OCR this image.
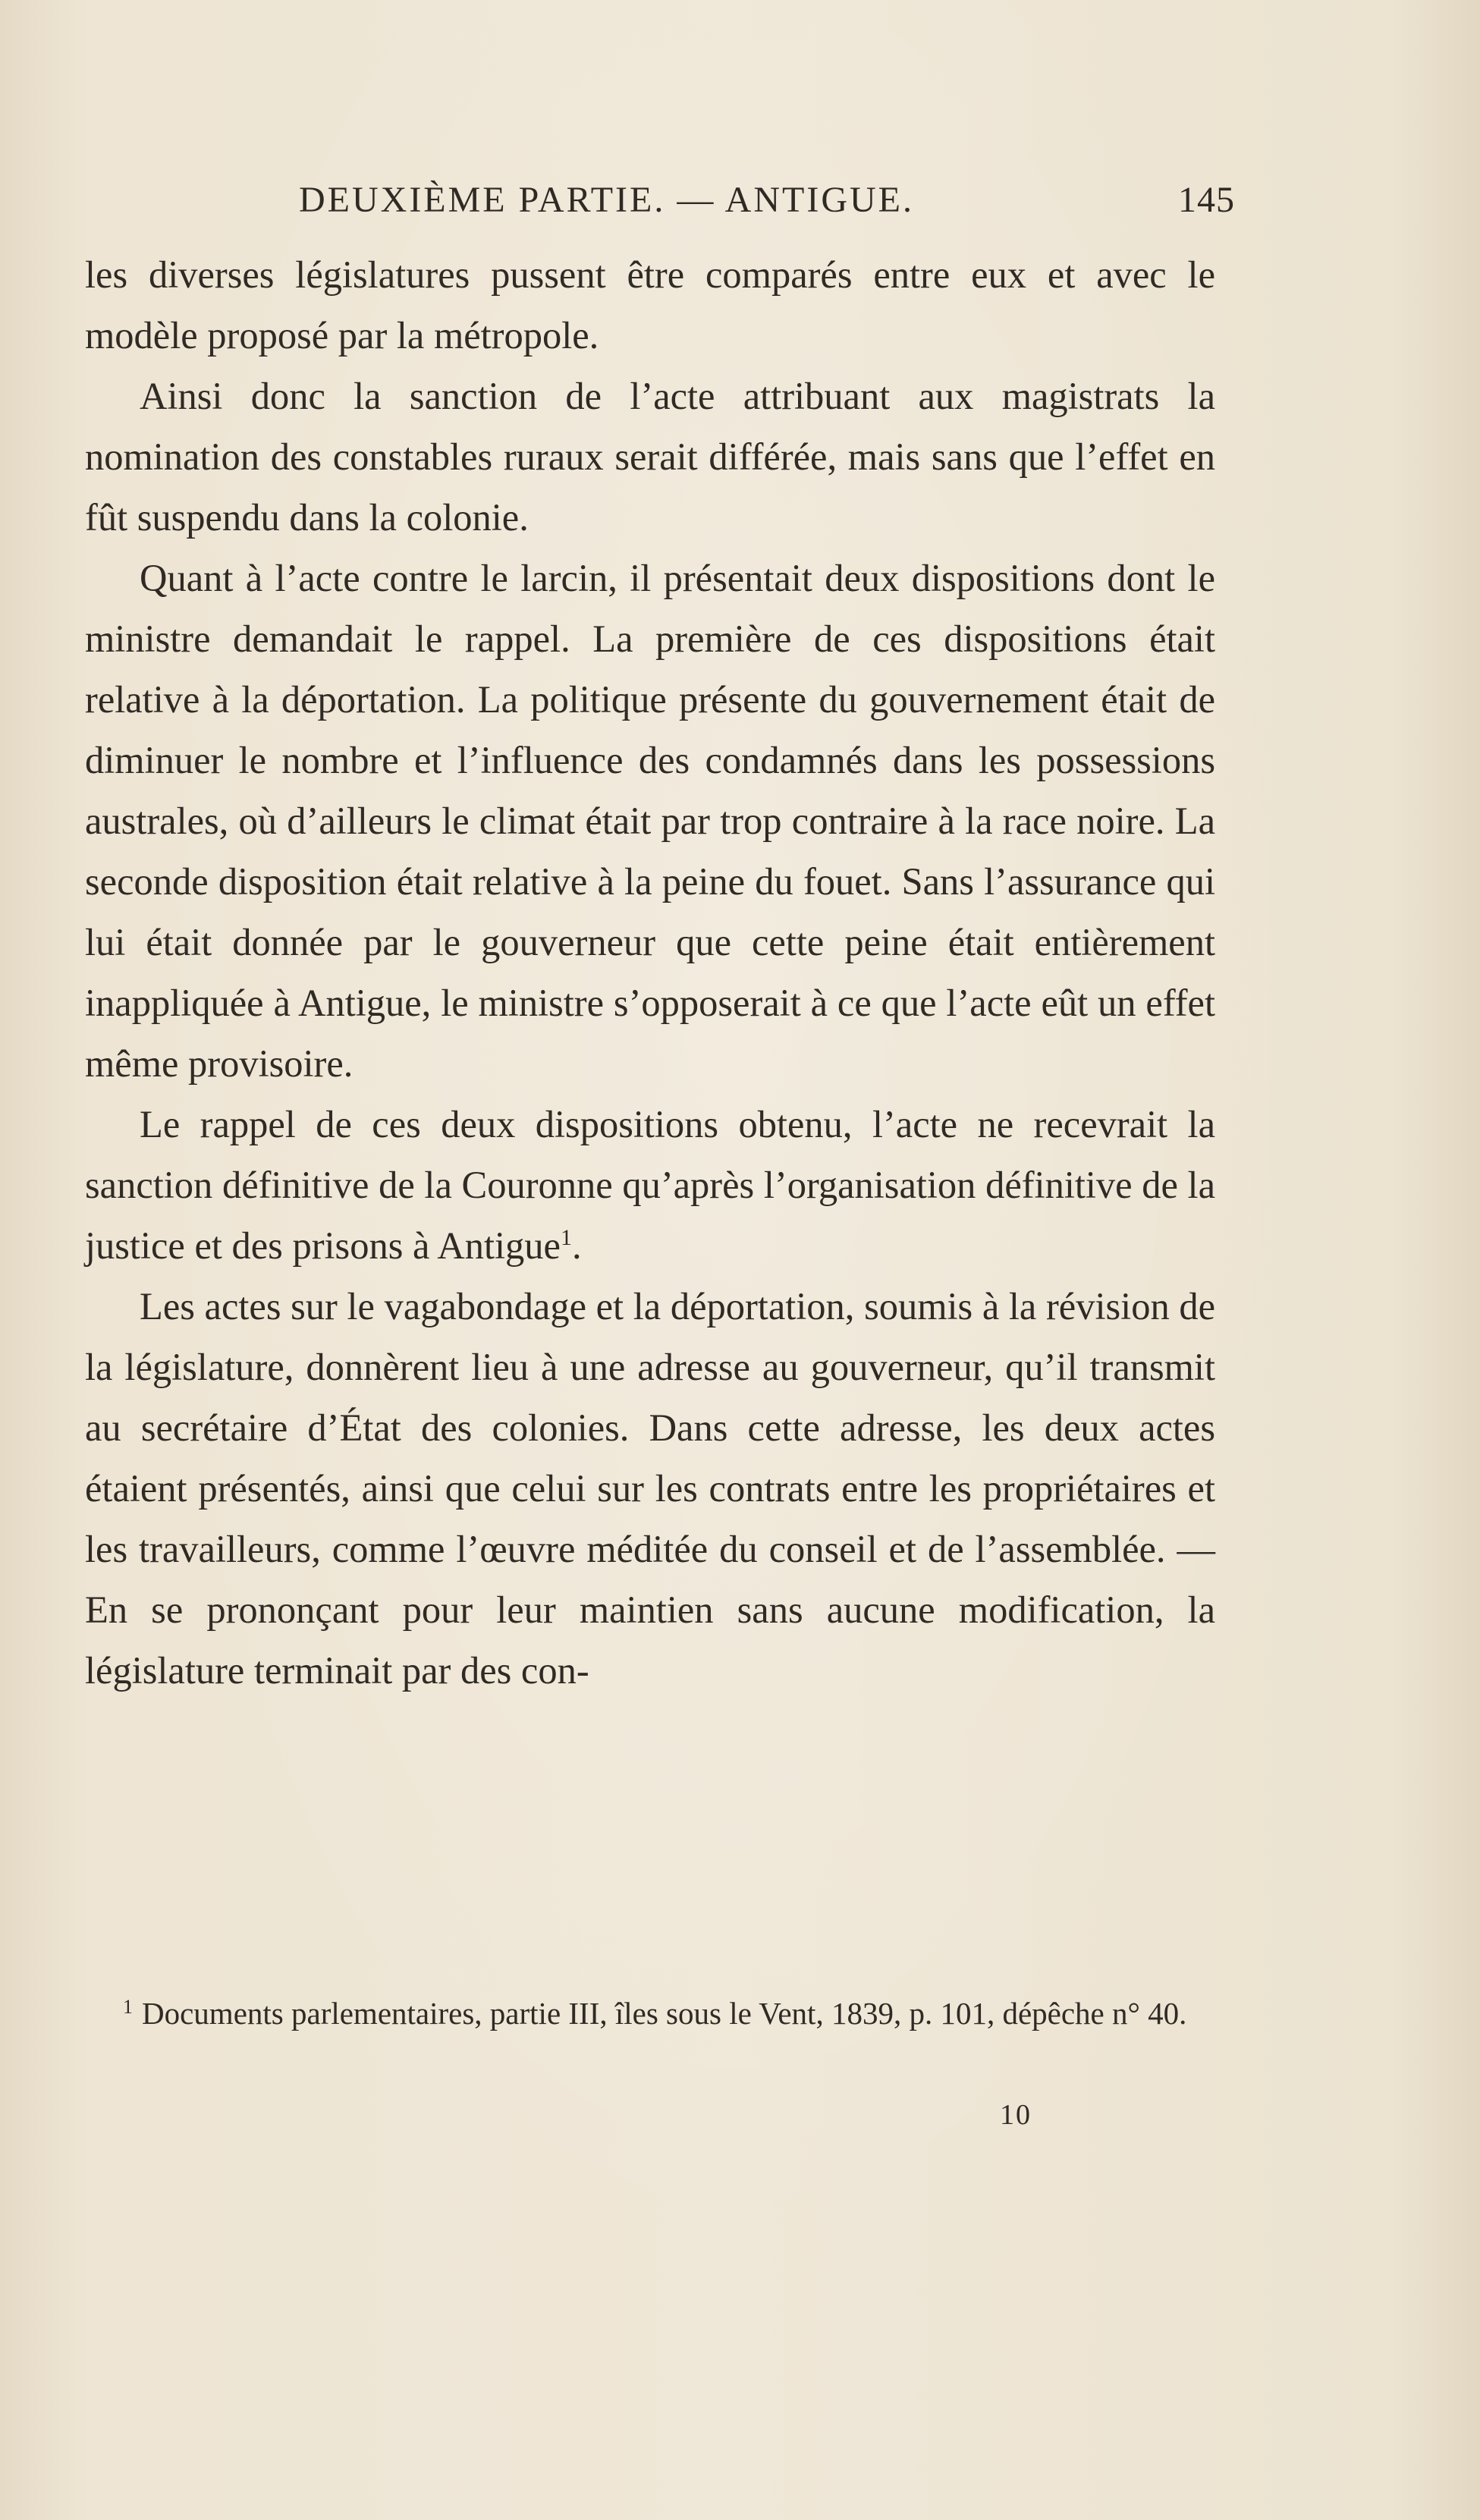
DEUXIÈME PARTIE. — ANTIGUE.	145

les diverses législatures pussent être comparés entre eux et avec le modèle proposé par la métropole.

Ainsi donc la sanction de l’acte attribuant aux magistrats la nomination des constables ruraux serait différée, mais sans que l’effet en fût suspendu dans la colonie.

Quant à l’acte contre le larcin, il présentait deux dispositions dont le ministre demandait le rappel. La première de ces dispositions était relative à la déportation. La politique présente du gouvernement était de diminuer le nombre et l’influence des condamnés dans les possessions australes, où d’ailleurs le climat était par trop contraire à la race noire. La seconde disposition était relative à la peine du fouet. Sans l’assurance qui lui était donnée par le gouverneur que cette peine était entièrement inappliquée à Antigue, le ministre s’opposerait à ce que l’acte eût un effet même provisoire.

Le rappel de ces deux dispositions obtenu, l’acte ne recevrait la sanction définitive de la Couronne qu’après l’organisation définitive de la justice et des prisons à Antigue$^1$.

Les actes sur le vagabondage et la déportation, soumis à la révision de la législature, donnèrent lieu à une adresse au gouverneur, qu’il transmit au secrétaire d’État des colonies. Dans cette adresse, les deux actes étaient présentés, ainsi que celui sur les contrats entre les propriétaires et les travailleurs, comme l’œuvre méditée du conseil et de l’assemblée. — En se prononçant pour leur maintien sans aucune modification, la législature terminait par des con-

$^1$ Documents parlementaires, partie III, îles sous le Vent, 1839, p. 101, dépêche n° 40.
10
